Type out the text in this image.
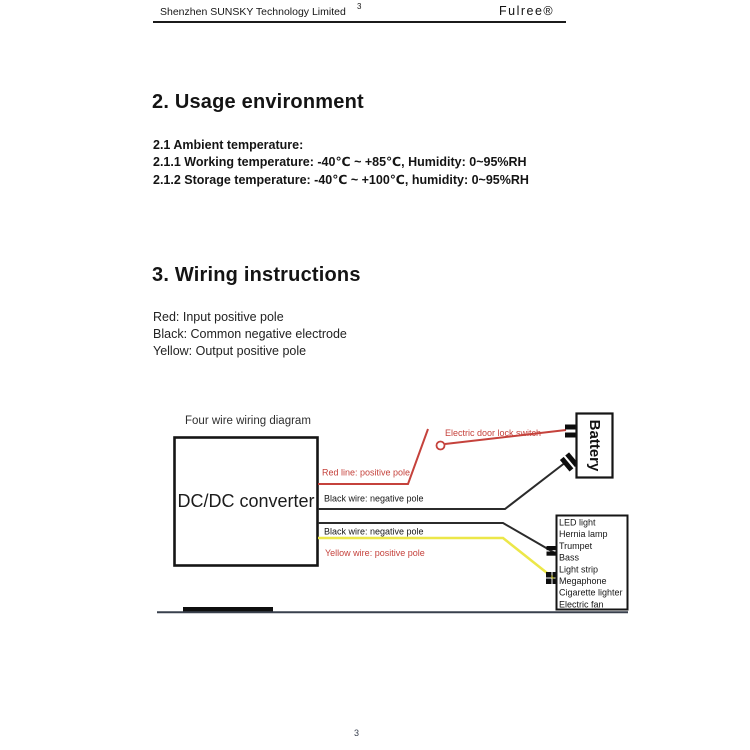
Shenzhen SUNSKY Technology Limited 3	Fulree®
2. Usage environment
2.1 Ambient temperature:
2.1.1 Working temperature: -40℃ ~ +85℃, Humidity: 0~95%RH
2.1.2 Storage temperature: -40℃ ~ +100℃, humidity: 0~95%RH
3. Wiring instructions
Red: Input positive pole
Black: Common negative electrode
Yellow: Output positive pole
Four wire wiring diagram
DC/DC converter
Electric door lock switch
Red line: positive pole
Black wire: negative pole
Battery
Black wire: negative pole
Yellow wire: positive pole
LED light
Hernia lamp
Trumpet
Bass
Light strip
Megaphone
Cigarette lighter
Electric fan
3
